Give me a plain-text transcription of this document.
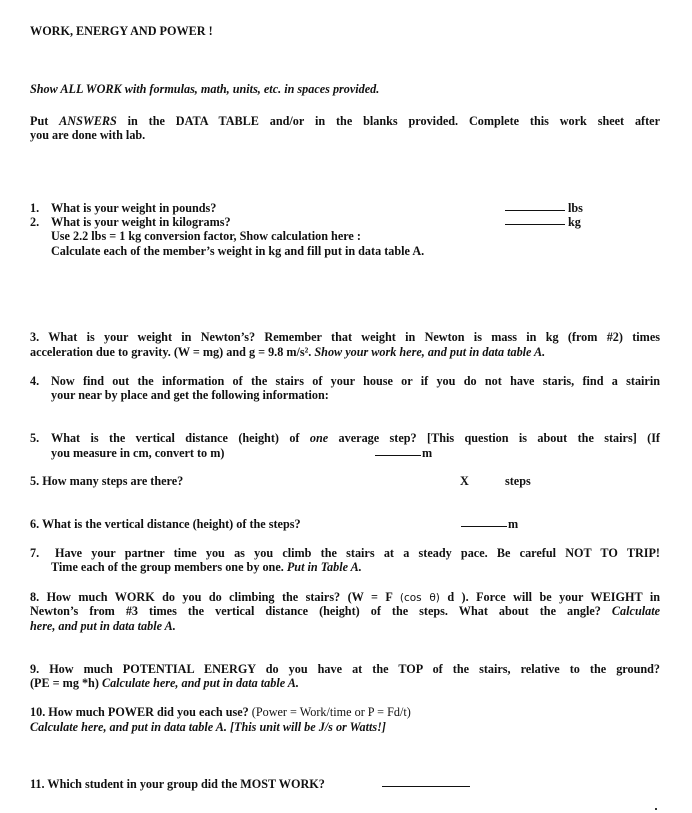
WORK, ENERGY AND POWER !
Show ALL WORK with formulas, math, units, etc. in spaces provided.
Put ANSWERS in the DATA TABLE and/or in the blanks provided. Complete this work sheet after
you are done with lab.
1. What is your weight in pounds?	lbs
2. What is your weight in kilograms?	kg
Use 2.2 lbs = 1 kg conversion factor, Show calculation here :
Calculate each of the member’s weight in kg and fill put in data table A.
3. What is your weight in Newton’s? Remember that weight in Newton is mass in kg (from #2) times
acceleration due to gravity. (W = mg) and g = 9.8 m/s². Show your work here, and put in data table A.
4. Now find out the information of the stairs of your house or if you do not have staris, find a stairin
your near by place and get the following information:
5. What is the vertical distance (height) of one average step? [This question is about the stairs] (If
you measure in cm, convert to m)	m
5. How many steps are there?	X	steps
6. What is the vertical distance (height) of the steps?	m
7. Have your partner time you as you climb the stairs at a steady pace. Be careful NOT TO TRIP!
Time each of the group members one by one. Put in Table A.
8. How much WORK do you do climbing the stairs? (W = F (cos θ) d ). Force will be your WEIGHT in
Newton’s from #3 times the vertical distance (height) of the steps. What about the angle? Calculate
here, and put in data table A.
9. How much POTENTIAL ENERGY do you have at the TOP of the stairs, relative to the ground?
(PE = mg *h) Calculate here, and put in data table A.
10. How much POWER did you each use? (Power = Work/time or P = Fd/t)
Calculate here, and put in data table A. [This unit will be J/s or Watts!]
11. Which student in your group did the MOST WORK?
